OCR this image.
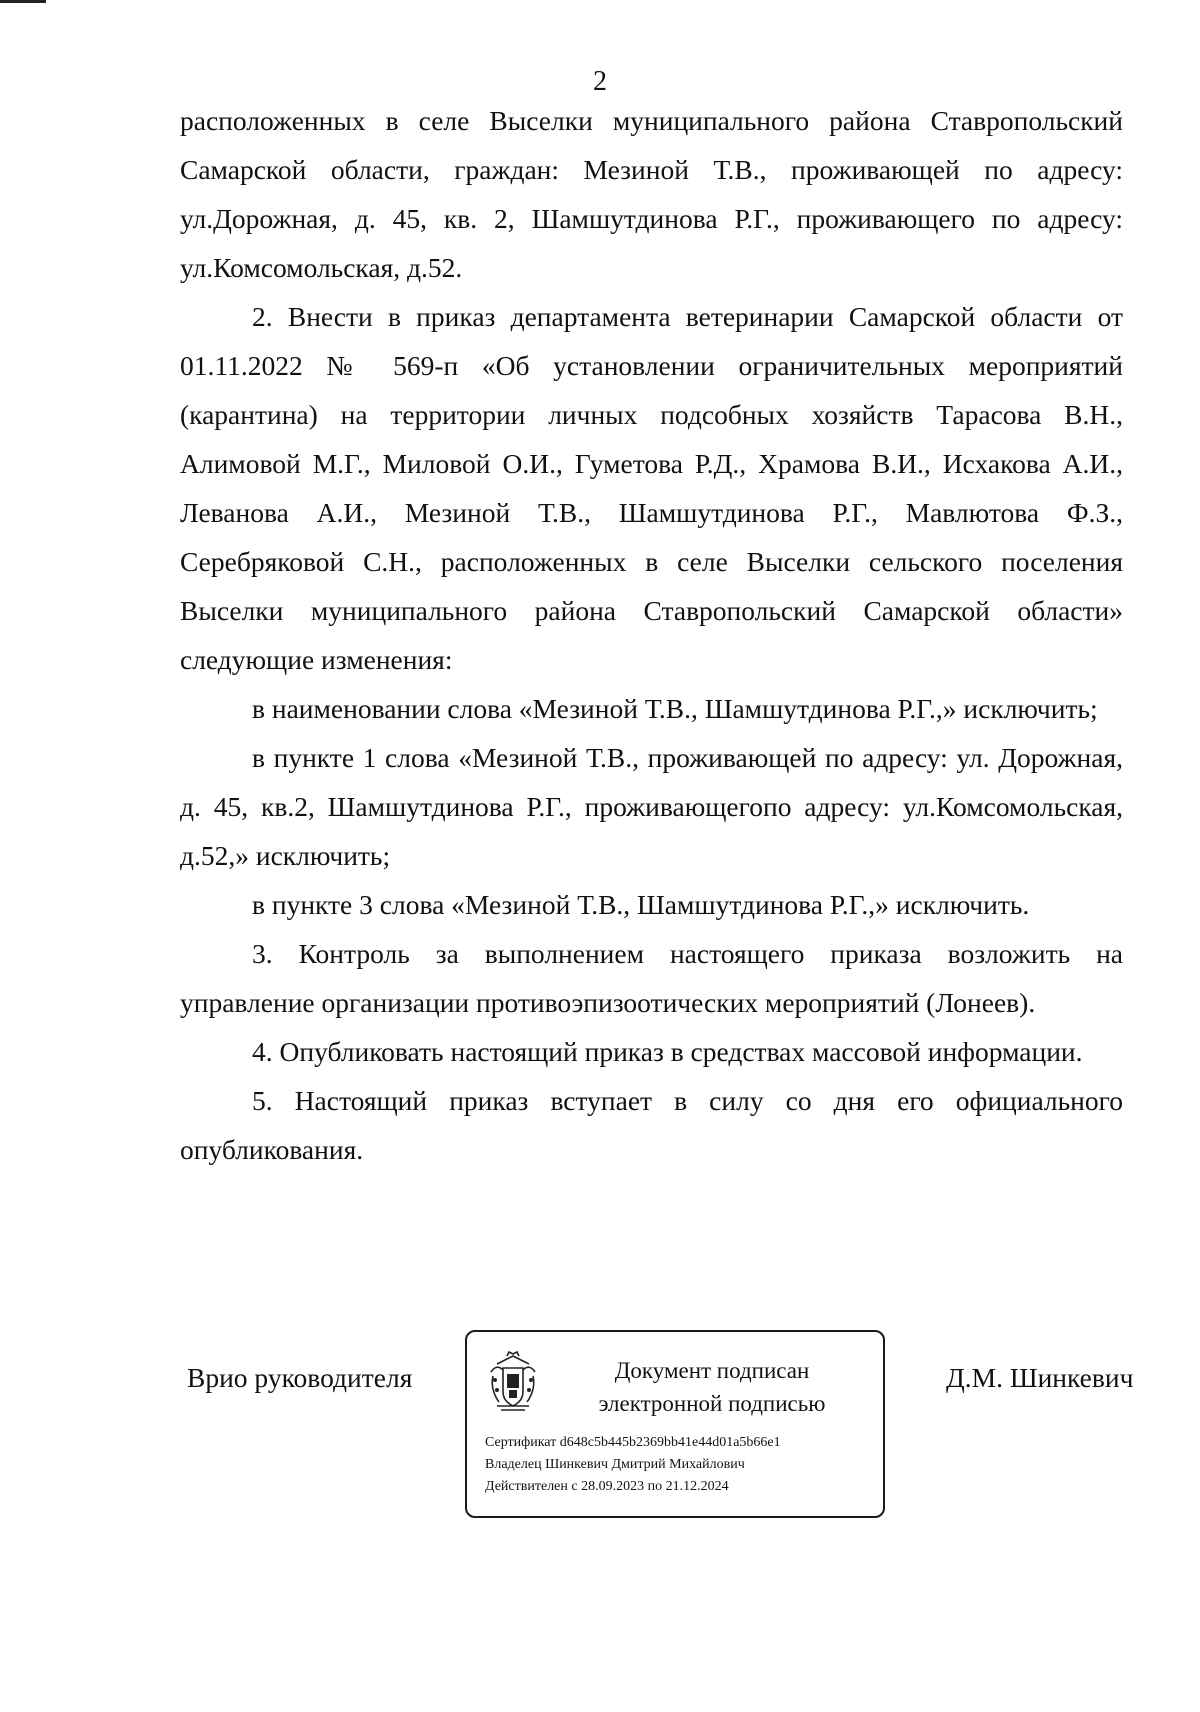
2

расположенных в селе Выселки муниципального района Ставропольский Самарской области, граждан: Мезиной Т.В., проживающей по адресу: ул.Дорожная, д. 45, кв. 2, Шамшутдинова Р.Г., проживающего по адресу: ул.Комсомольская, д.52.

2. Внести в приказ департамента ветеринарии Самарской области от 01.11.2022 № 569-п «Об установлении ограничительных мероприятий (карантина) на территории личных подсобных хозяйств Тарасова В.Н., Алимовой М.Г., Миловой О.И., Гуметова Р.Д., Храмова В.И., Исхакова А.И., Леванова А.И., Мезиной Т.В., Шамшутдинова Р.Г., Мавлютова Ф.З., Серебряковой С.Н., расположенных в селе Выселки сельского поселения Выселки муниципального района Ставропольский Самарской области» следующие изменения:

в наименовании слова «Мезиной Т.В., Шамшутдинова Р.Г.,» исключить;

в пункте 1 слова «Мезиной Т.В., проживающей по адресу: ул. Дорожная, д. 45, кв.2, Шамшутдинова Р.Г., проживающегопо адресу: ул.Комсомольская, д.52,» исключить;

в пункте 3 слова «Мезиной Т.В., Шамшутдинова Р.Г.,» исключить.

3. Контроль за выполнением настоящего приказа возложить на управление организации противоэпизоотических мероприятий (Лонеев).

4. Опубликовать настоящий приказ в средствах массовой информации.

5. Настоящий приказ вступает в силу со дня его официального опубликования.

Врио руководителя	Документ подписан
электронной подписью
Сертификат d648c5b445b2369bb41e44d01a5b66e1
Владелец Шинкевич Дмитрий Михайлович
Действителен с 28.09.2023 по 21.12.2024
Д.М. Шинкевич
